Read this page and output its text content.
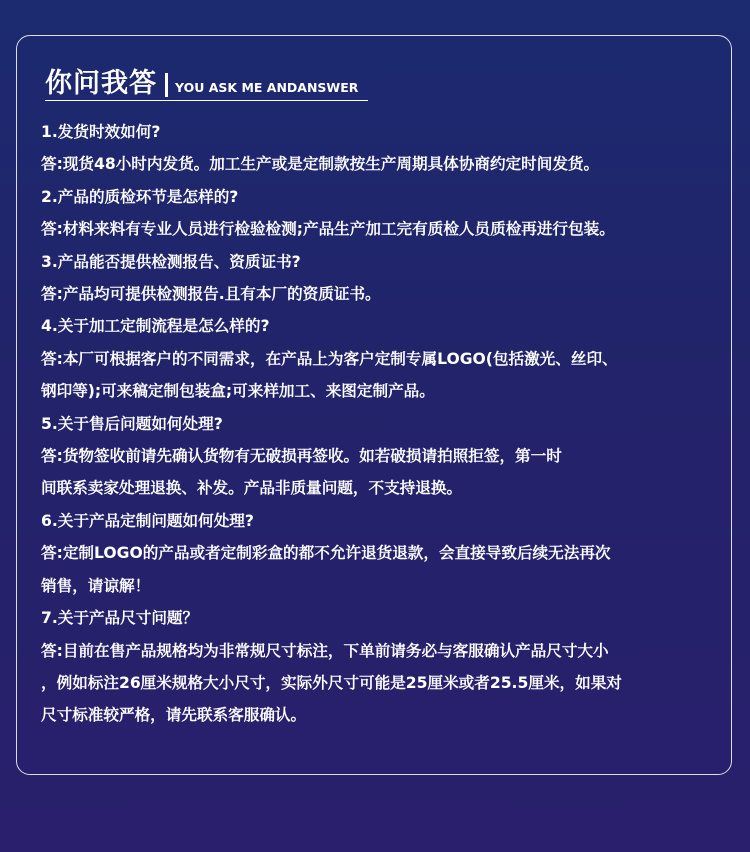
你问我答 YOU ASK ME ANDANSWER

1.发货时效如何?

答:现货48小时内发货。加工生产或是定制款按生产周期具体协商约定时间发货。

2.产品的质检环节是怎样的?

答:材料来料有专业人员进行检验检测;产品生产加工完有质检人员质检再进行包装。

3.产品能否提供检测报告、资质证书?

答:产品均可提供检测报告.且有本厂的资质证书。

4.关于加工定制流程是怎么样的?

答:本厂可根据客户的不同需求，在产品上为客户定制专属LOGO(包括激光、丝印、

钢印等);可来稿定制包装盒;可来样加工、来图定制产品。

5.关于售后问题如何处理?

答:货物签收前请先确认货物有无破损再签收。如若破损请拍照拒签，第一时

间联系卖家处理退换、补发。产品非质量问题，不支持退换。

6.关于产品定制问题如何处理?

答:定制LOGO的产品或者定制彩盒的都不允许退货退款，会直接导致后续无法再次

销售，请谅解！

7.关于产品尺寸问题？

答:目前在售产品规格均为非常规尺寸标注，下单前请务必与客服确认产品尺寸大小

，例如标注26厘米规格大小尺寸，实际外尺寸可能是25厘米或者25.5厘米，如果对

尺寸标准较严格，请先联系客服确认。
